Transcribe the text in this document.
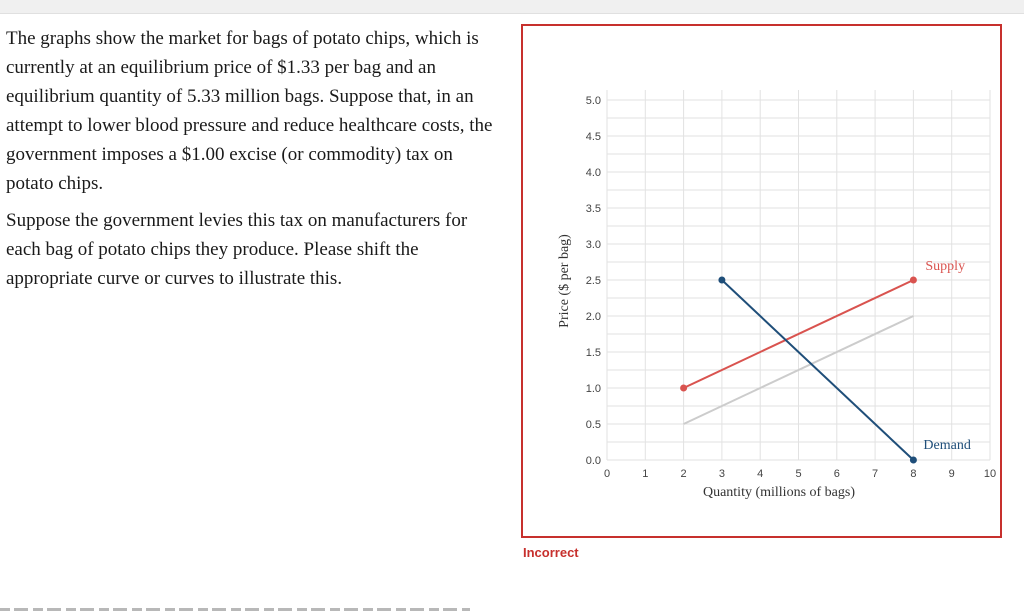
The graphs show the market for bags of potato chips, which is currently at an equilibrium price of $1.33 per bag and an equilibrium quantity of 5.33 million bags. Suppose that, in an attempt to lower blood pressure and reduce healthcare costs, the government imposes a $1.00 excise (or commodity) tax on potato chips.

Suppose the government levies this tax on manufacturers for each bag of potato chips they produce. Please shift the appropriate curve or curves to illustrate this.

0.0
0.5
1.0
1.5
2.0
2.5
3.0
3.5
4.0
4.5
5.0
0	1	2	3	4	5	6	7	8	9	10
Supply
Demand
Quantity (millions of bags)
Price ($ per bag)
Incorrect
